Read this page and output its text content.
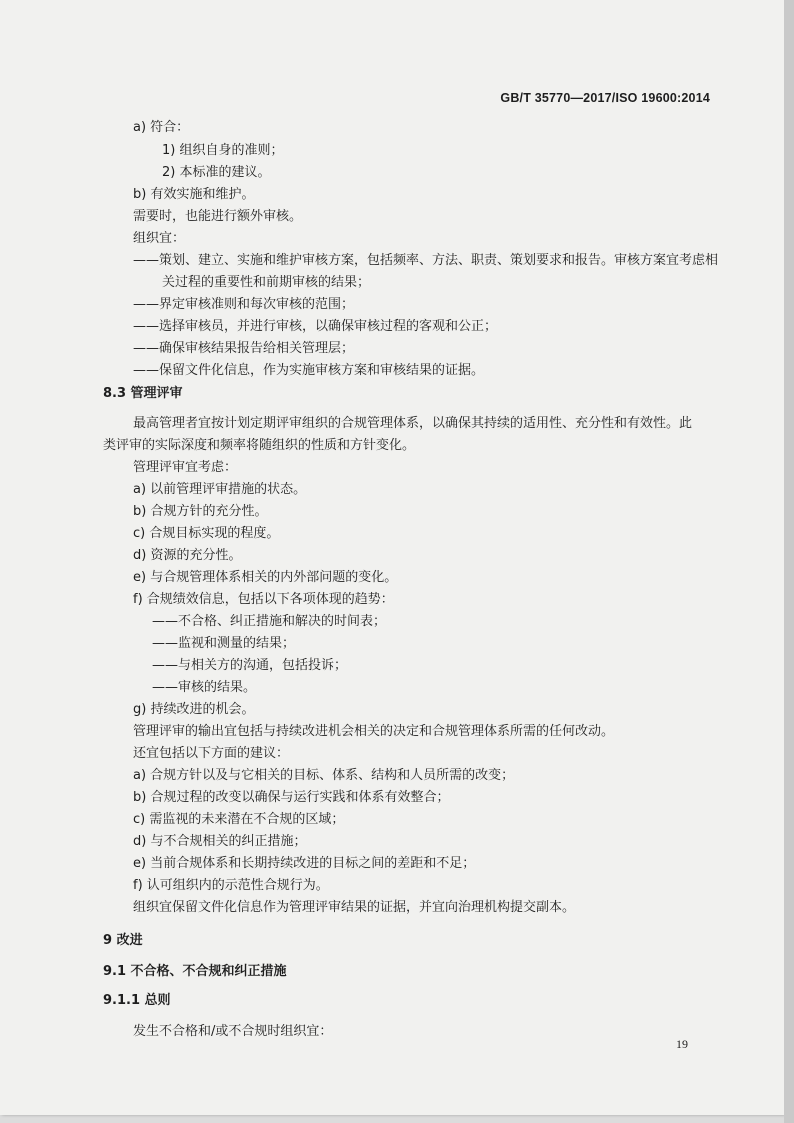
GB/T 35770—2017/ISO 19600:2014
a) 符合：
1) 组织自身的准则；
2) 本标准的建议。
b) 有效实施和维护。
需要时，也能进行额外审核。
组织宜：
——策划、建立、实施和维护审核方案，包括频率、方法、职责、策划要求和报告。审核方案宜考虑相
关过程的重要性和前期审核的结果；
——界定审核准则和每次审核的范围；
——选择审核员，并进行审核，以确保审核过程的客观和公正；
——确保审核结果报告给相关管理层；
——保留文件化信息，作为实施审核方案和审核结果的证据。
8.3 管理评审
最高管理者宜按计划定期评审组织的合规管理体系，以确保其持续的适用性、充分性和有效性。此
类评审的实际深度和频率将随组织的性质和方针变化。
管理评审宜考虑：
a) 以前管理评审措施的状态。
b) 合规方针的充分性。
c) 合规目标实现的程度。
d) 资源的充分性。
e) 与合规管理体系相关的内外部问题的变化。
f) 合规绩效信息，包括以下各项体现的趋势：
——不合格、纠正措施和解决的时间表；
——监视和测量的结果；
——与相关方的沟通，包括投诉；
——审核的结果。
g) 持续改进的机会。
管理评审的输出宜包括与持续改进机会相关的决定和合规管理体系所需的任何改动。
还宜包括以下方面的建议：
a) 合规方针以及与它相关的目标、体系、结构和人员所需的改变；
b) 合规过程的改变以确保与运行实践和体系有效整合；
c) 需监视的未来潜在不合规的区域；
d) 与不合规相关的纠正措施；
e) 当前合规体系和长期持续改进的目标之间的差距和不足；
f) 认可组织内的示范性合规行为。
组织宜保留文件化信息作为管理评审结果的证据，并宜向治理机构提交副本。
9 改进
9.1 不合格、不合规和纠正措施
9.1.1 总则
发生不合格和/或不合规时组织宜：
19
